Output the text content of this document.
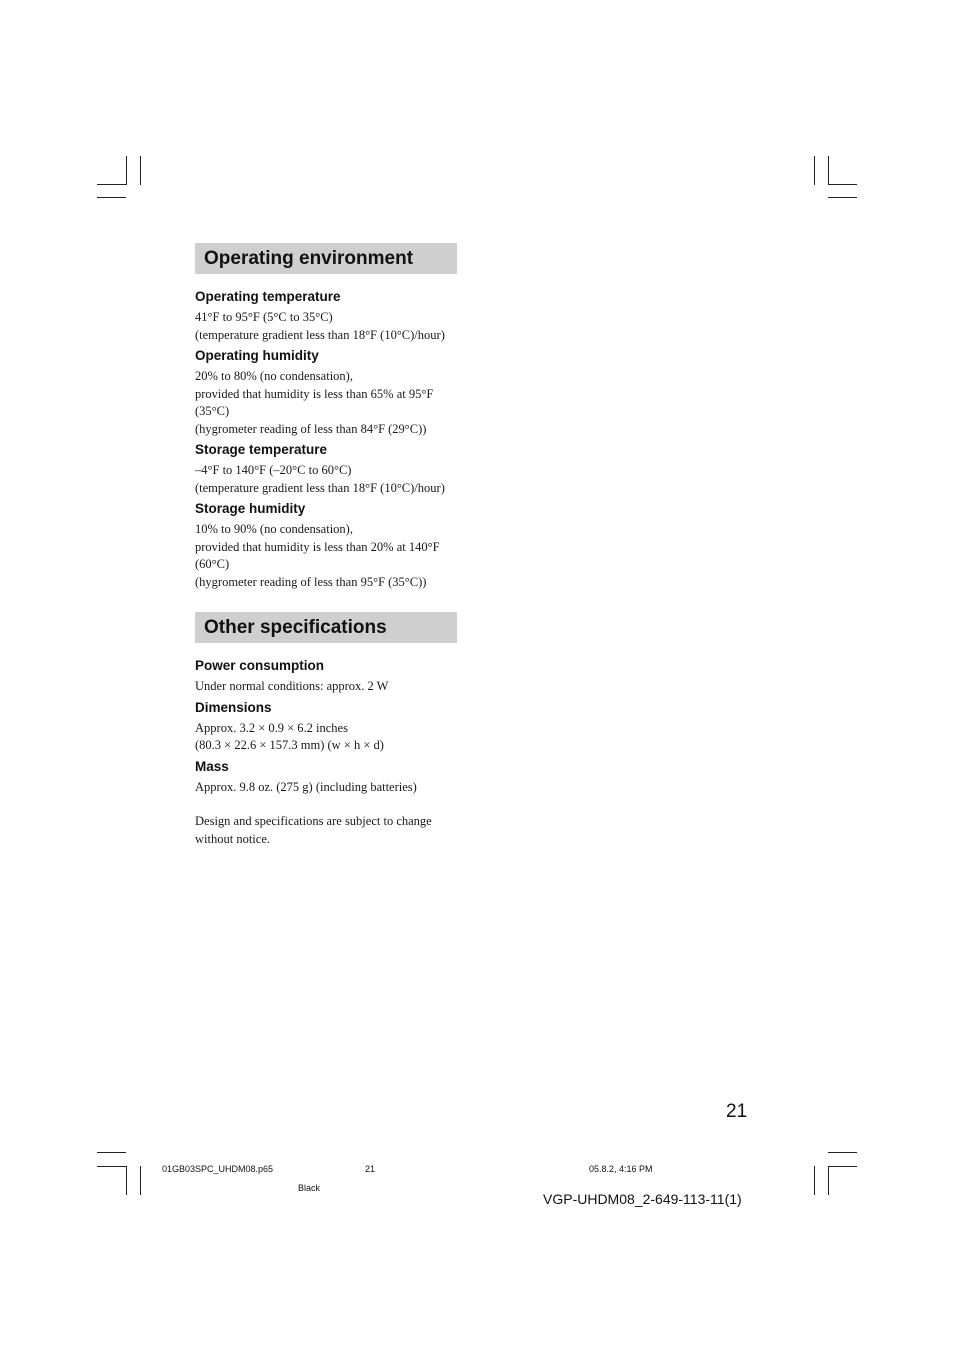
Operating environment

Operating temperature

41°F to 95°F (5°C to 35°C)

(temperature gradient less than 18°F (10°C)/hour)

Operating humidity

20% to 80% (no condensation),

provided that humidity is less than 65% at 95°F

(35°C)

(hygrometer reading of less than 84°F (29°C))

Storage temperature

–4°F to 140°F (–20°C to 60°C)

(temperature gradient less than 18°F (10°C)/hour)

Storage humidity

10% to 90% (no condensation),

provided that humidity is less than 20% at 140°F

(60°C)

(hygrometer reading of less than 95°F (35°C))

Other specifications

Power consumption

Under normal conditions: approx. 2 W

Dimensions

Approx. 3.2 × 0.9 × 6.2 inches

(80.3 × 22.6 × 157.3 mm) (w × h × d)

Mass

Approx. 9.8 oz. (275 g) (including batteries)

Design and specifications are subject to change

without notice.

21
01GB03SPC_UHDM08.p65	21	05.8.2, 4:16 PM
Black
VGP-UHDM08_2-649-113-11(1)
